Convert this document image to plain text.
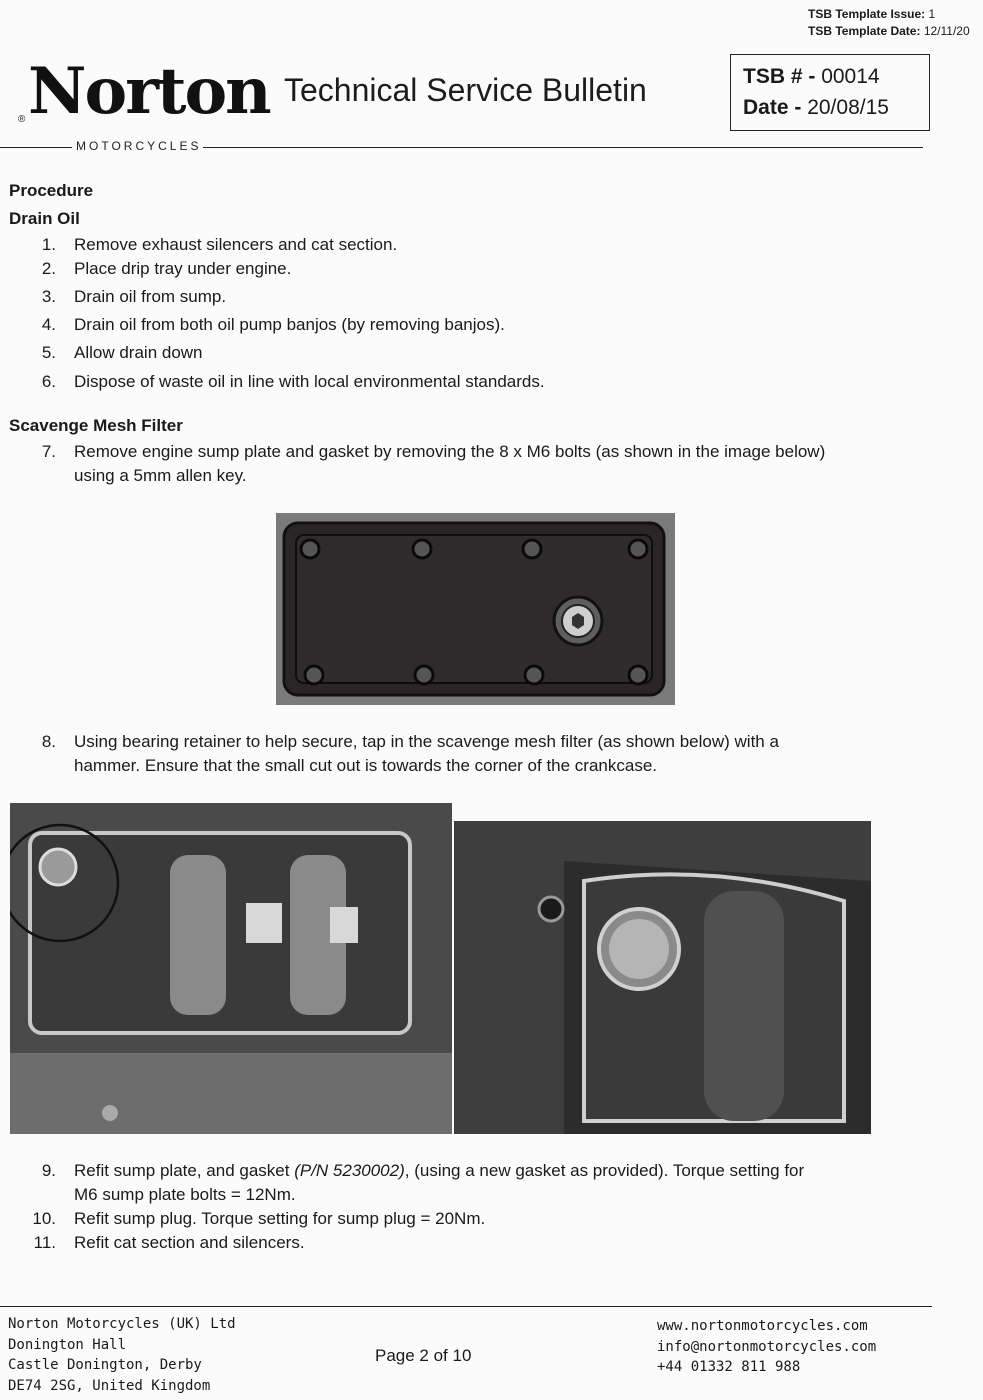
TSB Template Issue: 1
TSB Template Date: 12/11/20
® Norton
MOTORCYCLES
Technical Service Bulletin	TSB # - 00014
Date - 20/08/15
Procedure
Drain Oil
1. Remove exhaust silencers and cat section.
2. Place drip tray under engine.
3. Drain oil from sump.
4. Drain oil from both oil pump banjos (by removing banjos).
5. Allow drain down
6. Dispose of waste oil in line with local environmental standards.
Scavenge Mesh Filter
7. Remove engine sump plate and gasket by removing the 8 x M6 bolts (as shown in the image below)
using a 5mm allen key.
8. Using bearing retainer to help secure, tap in the scavenge mesh filter (as shown below) with a
hammer. Ensure that the small cut out is towards the corner of the crankcase.
9. Refit sump plate, and gasket (P/N 5230002), (using a new gasket as provided). Torque setting for
M6 sump plate bolts = 12Nm.
10. Refit sump plug. Torque setting for sump plug = 20Nm.
11. Refit cat section and silencers.
Norton Motorcycles (UK) Ltd
Donington Hall
Castle Donington, Derby
DE74 2SG, United Kingdom
Page 2 of 10
www.nortonmotorcycles.com
info@nortonmotorcycles.com
+44 01332 811 988
